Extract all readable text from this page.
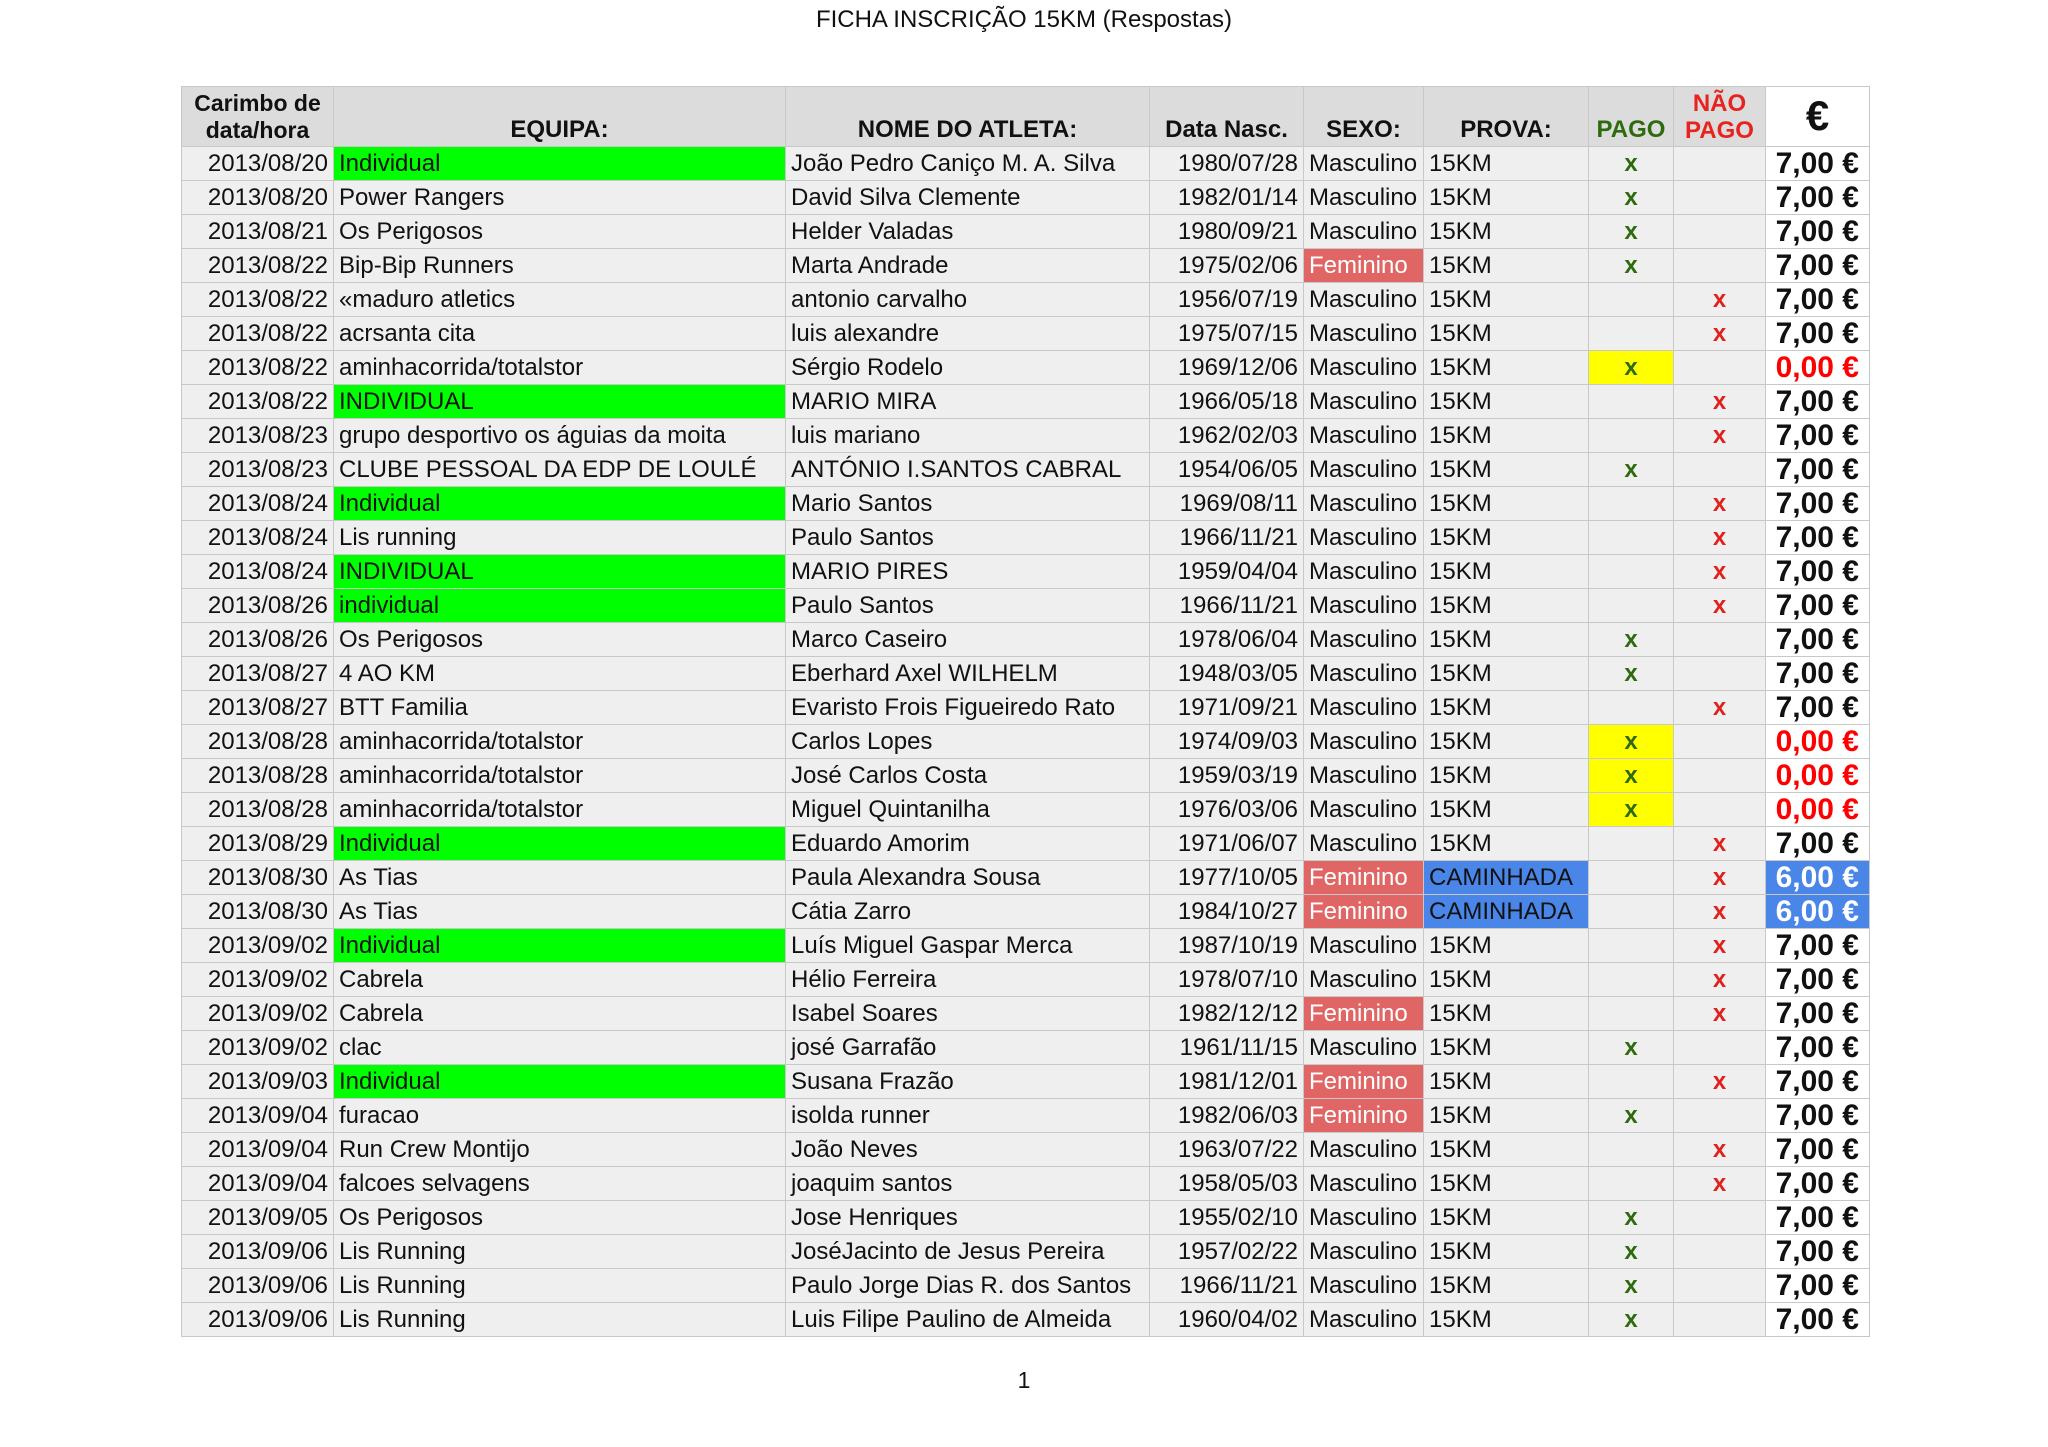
FICHA INSCRIÇÃO 15KM (Respostas)
Carimbo de data/hora	EQUIPA:	NOME DO ATLETA:	Data Nasc.	SEXO:	PROVA:	PAGO	NÃO PAGO	€
2013/08/20	Individual	João Pedro Caniço M. A. Silva	1980/07/28	Masculino	15KM	x		7,00 €
2013/08/20	Power Rangers	David Silva Clemente	1982/01/14	Masculino	15KM	x		7,00 €
2013/08/21	Os Perigosos	Helder Valadas	1980/09/21	Masculino	15KM	x		7,00 €
2013/08/22	Bip-Bip Runners	Marta Andrade	1975/02/06	Feminino	15KM	x		7,00 €
2013/08/22	«maduro atletics	antonio carvalho	1956/07/19	Masculino	15KM		x	7,00 €
2013/08/22	acrsanta cita	luis alexandre	1975/07/15	Masculino	15KM		x	7,00 €
2013/08/22	aminhacorrida/totalstor	Sérgio Rodelo	1969/12/06	Masculino	15KM	x		0,00 €
2013/08/22	INDIVIDUAL	MARIO MIRA	1966/05/18	Masculino	15KM		x	7,00 €
2013/08/23	grupo desportivo os águias da moita	luis mariano	1962/02/03	Masculino	15KM		x	7,00 €
2013/08/23	CLUBE PESSOAL DA EDP DE LOULÉ	ANTÓNIO I.SANTOS CABRAL	1954/06/05	Masculino	15KM	x		7,00 €
2013/08/24	Individual	Mario Santos	1969/08/11	Masculino	15KM		x	7,00 €
2013/08/24	Lis running	Paulo Santos	1966/11/21	Masculino	15KM		x	7,00 €
2013/08/24	INDIVIDUAL	MARIO PIRES	1959/04/04	Masculino	15KM		x	7,00 €
2013/08/26	individual	Paulo Santos	1966/11/21	Masculino	15KM		x	7,00 €
2013/08/26	Os Perigosos	Marco Caseiro	1978/06/04	Masculino	15KM	x		7,00 €
2013/08/27	4 AO KM	Eberhard Axel WILHELM	1948/03/05	Masculino	15KM	x		7,00 €
2013/08/27	BTT Familia	Evaristo Frois Figueiredo Rato	1971/09/21	Masculino	15KM		x	7,00 €
2013/08/28	aminhacorrida/totalstor	Carlos Lopes	1974/09/03	Masculino	15KM	x		0,00 €
2013/08/28	aminhacorrida/totalstor	José Carlos Costa	1959/03/19	Masculino	15KM	x		0,00 €
2013/08/28	aminhacorrida/totalstor	Miguel Quintanilha	1976/03/06	Masculino	15KM	x		0,00 €
2013/08/29	Individual	Eduardo Amorim	1971/06/07	Masculino	15KM		x	7,00 €
2013/08/30	As Tias	Paula Alexandra Sousa	1977/10/05	Feminino	CAMINHADA		x	6,00 €
2013/08/30	As Tias	Cátia Zarro	1984/10/27	Feminino	CAMINHADA		x	6,00 €
2013/09/02	Individual	Luís Miguel Gaspar Merca	1987/10/19	Masculino	15KM		x	7,00 €
2013/09/02	Cabrela	Hélio Ferreira	1978/07/10	Masculino	15KM		x	7,00 €
2013/09/02	Cabrela	Isabel Soares	1982/12/12	Feminino	15KM		x	7,00 €
2013/09/02	clac	josé Garrafão	1961/11/15	Masculino	15KM	x		7,00 €
2013/09/03	Individual	Susana Frazão	1981/12/01	Feminino	15KM		x	7,00 €
2013/09/04	furacao	isolda runner	1982/06/03	Feminino	15KM	x		7,00 €
2013/09/04	Run Crew Montijo	João Neves	1963/07/22	Masculino	15KM		x	7,00 €
2013/09/04	falcoes selvagens	joaquim santos	1958/05/03	Masculino	15KM		x	7,00 €
2013/09/05	Os Perigosos	Jose Henriques	1955/02/10	Masculino	15KM	x		7,00 €
2013/09/06	Lis Running	JoséJacinto de Jesus Pereira	1957/02/22	Masculino	15KM	x		7,00 €
2013/09/06	Lis Running	Paulo Jorge Dias R. dos Santos	1966/11/21	Masculino	15KM	x		7,00 €
2013/09/06	Lis Running	Luis Filipe Paulino de Almeida	1960/04/02	Masculino	15KM	x		7,00 €
1
